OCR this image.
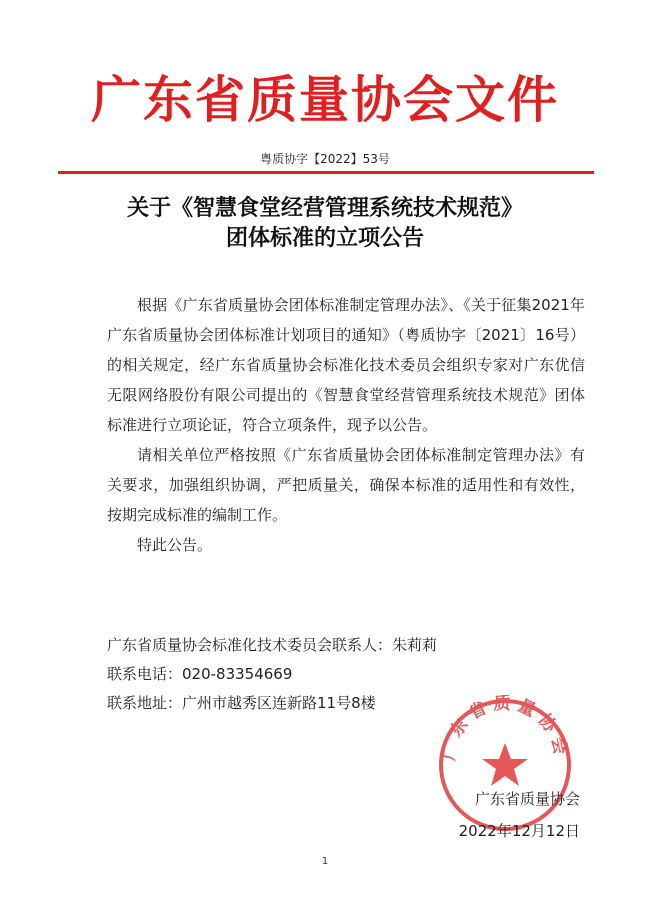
广东省质量协会文件
粤质协字【2022】53号
关于《智慧食堂经营管理系统技术规范》
团体标准的立项公告

根据《广东省质量协会团体标准制定管理办法》、《关于征集2021年广东省质量协会团体标准计划项目的通知》（粤质协字〔2021〕16号）的相关规定，经广东省质量协会标准化技术委员会组织专家对广东优信无限网络股份有限公司提出的《智慧食堂经营管理系统技术规范》团体标准进行立项论证，符合立项条件，现予以公告。

请相关单位严格按照《广东省质量协会团体标准制定管理办法》有关要求，加强组织协调，严把质量关，确保本标准的适用性和有效性，按期完成标准的编制工作。

特此公告。

广东省质量协会标准化技术委员会联系人：朱莉莉
联系电话：020-83354669
联系地址：广州市越秀区连新路11号8楼
广东省质量协会
广东省质量协会
2022年12月12日
1
